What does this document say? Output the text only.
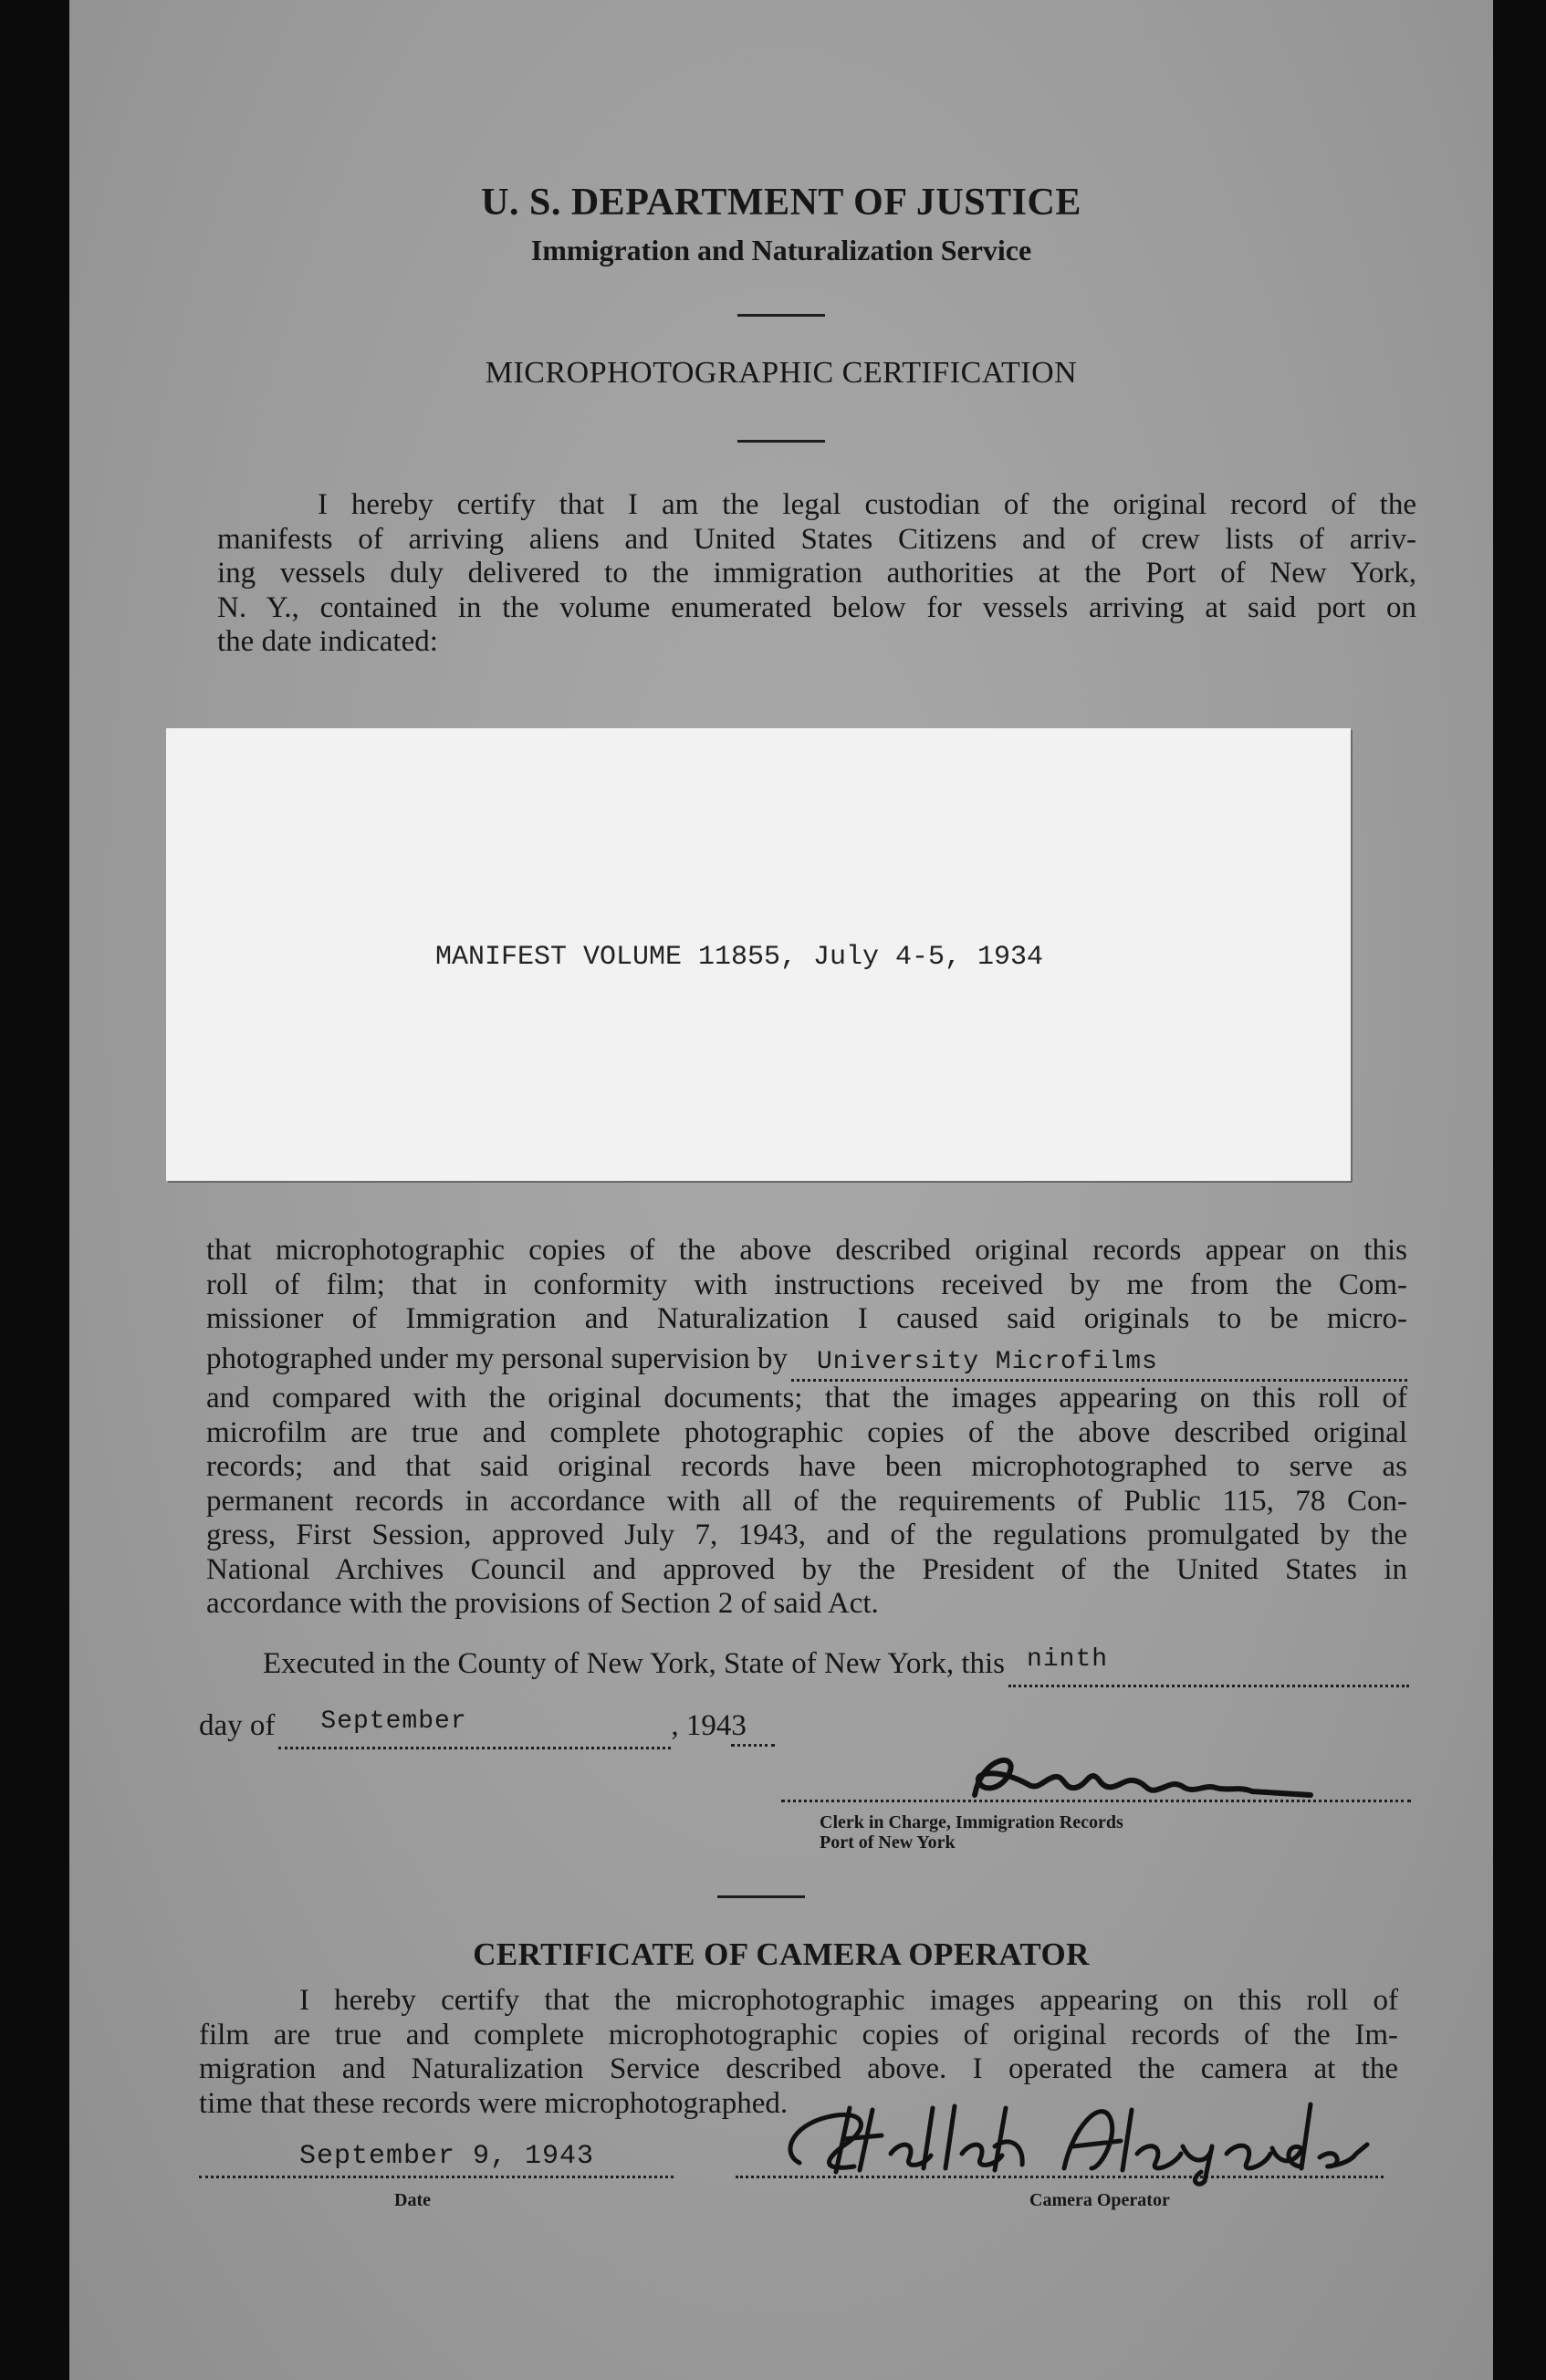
U. S. DEPARTMENT OF JUSTICE
Immigration and Naturalization Service
MICROPHOTOGRAPHIC CERTIFICATION
I hereby certify that I am the legal custodian of the original record of the
manifests of arriving aliens and United States Citizens and of crew lists of arriv-
ing vessels duly delivered to the immigration authorities at the Port of New York,
N. Y., contained in the volume enumerated below for vessels arriving at said port on
the date indicated:
MANIFEST VOLUME 11855, July 4-5, 1934
that microphotographic copies of the above described original records appear on this
roll of film; that in conformity with instructions received by me from the Com-
missioner of Immigration and Naturalization I caused said originals to be micro-
photographed under my personal supervision by University Microfilms
and compared with the original documents; that the images appearing on this roll of
microfilm are true and complete photographic copies of the above described original
records; and that said original records have been microphotographed to serve as
permanent records in accordance with all of the requirements of Public 115, 78 Con-
gress, First Session, approved July 7, 1943, and of the regulations promulgated by the
National Archives Council and approved by the President of the United States in
accordance with the provisions of Section 2 of said Act.
Executed in the County of New York, State of New York, this $^{ninth}$
day of	$^{September}$	, 194 3
Clerk in Charge, Immigration Records
Port of New York
CERTIFICATE OF CAMERA OPERATOR
I hereby certify that the microphotographic images appearing on this roll of
film are true and complete microphotographic copies of original records of the Im-
migration and Naturalization Service described above. I operated the camera at the
time that these records were microphotographed.
September 9, 1943
Date	Camera Operator
